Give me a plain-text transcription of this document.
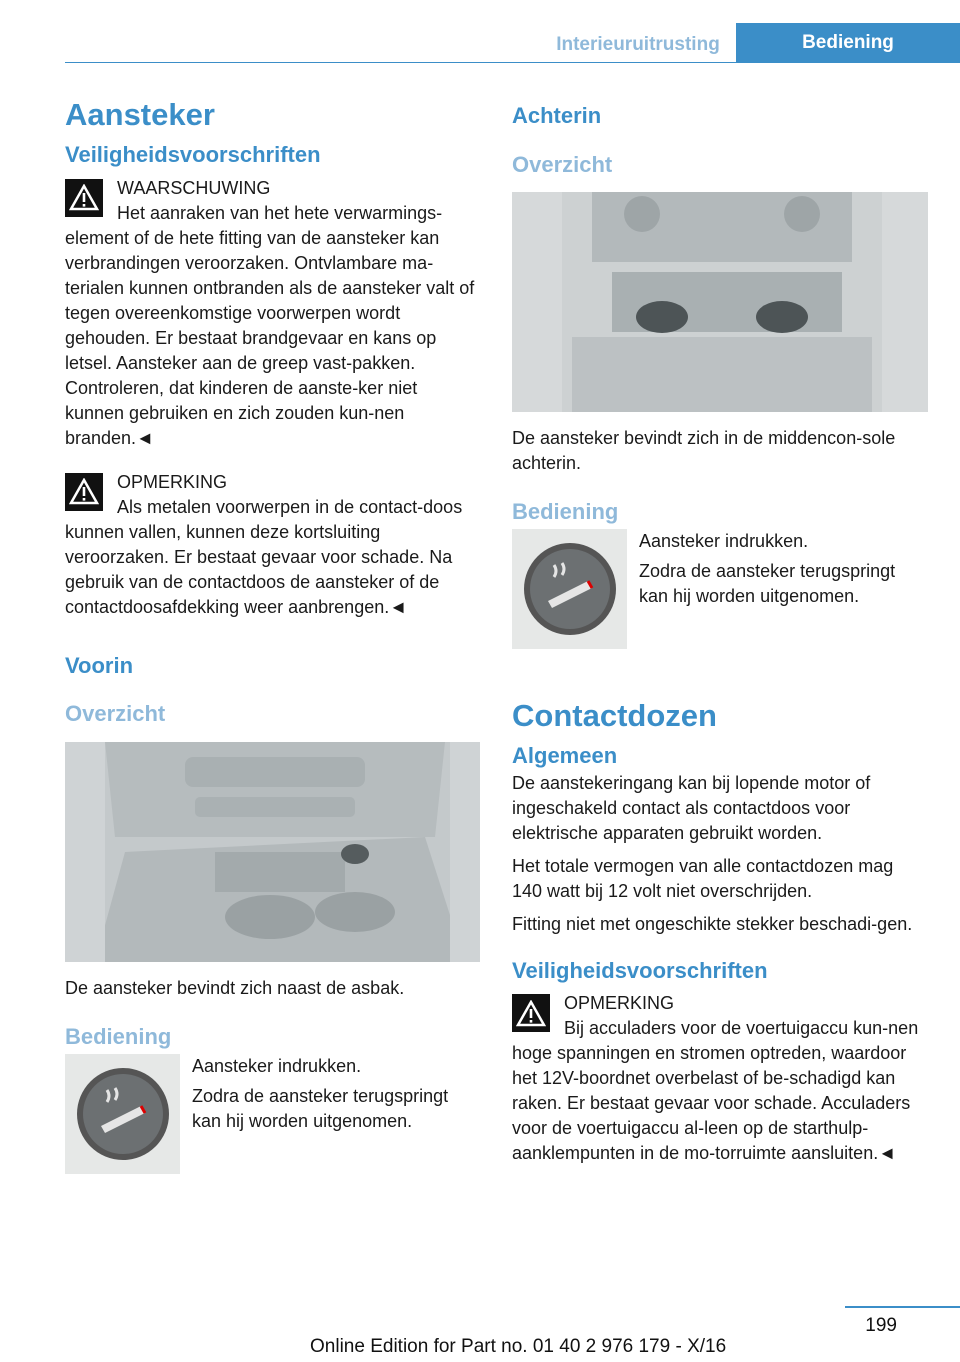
Interieuruitrusting	Bediening
Aansteker
Veiligheidsvoorschriften
WAARSCHUWING

Het aanraken van het hete verwarmings-element of de hete fitting van de aansteker kan verbrandingen veroorzaken. Ontvlambare ma-terialen kunnen ontbranden als de aansteker valt of tegen overeenkomstige voorwerpen wordt gehouden. Er bestaat brandgevaar en kans op letsel. Aansteker aan de greep vast-pakken. Controleren, dat kinderen de aanste-ker niet kunnen gebruiken en zich zouden kun-nen branden.◄

OPMERKING

Als metalen voorwerpen in de contact-doos kunnen vallen, kunnen deze kortsluiting veroorzaken. Er bestaat gevaar voor schade. Na gebruik van de contactdoos de aansteker of de contactdoosafdekking weer aanbrengen.◄

Voorin
Overzicht

De aansteker bevindt zich naast de asbak.

Bediening

Aansteker indrukken.

Zodra de aansteker terugspringt kan hij worden uitgenomen.

Achterin
Overzicht

De aansteker bevindt zich in de middencon-sole achterin.

Bediening

Aansteker indrukken.

Zodra de aansteker terugspringt kan hij worden uitgenomen.

Contactdozen
Algemeen

De aanstekeringang kan bij lopende motor of ingeschakeld contact als contactdoos voor elektrische apparaten gebruikt worden.

Het totale vermogen van alle contactdozen mag 140 watt bij 12 volt niet overschrijden.

Fitting niet met ongeschikte stekker beschadi-gen.

Veiligheidsvoorschriften
OPMERKING

Bij acculaders voor de voertuigaccu kun-nen hoge spanningen en stromen optreden, waardoor het 12V-boordnet overbelast of be-schadigd kan raken. Er bestaat gevaar voor schade. Acculaders voor de voertuigaccu al-leen op de starthulp-aanklempunten in de mo-torruimte aansluiten.◄

199
Online Edition for Part no. 01 40 2 976 179 - X/16
